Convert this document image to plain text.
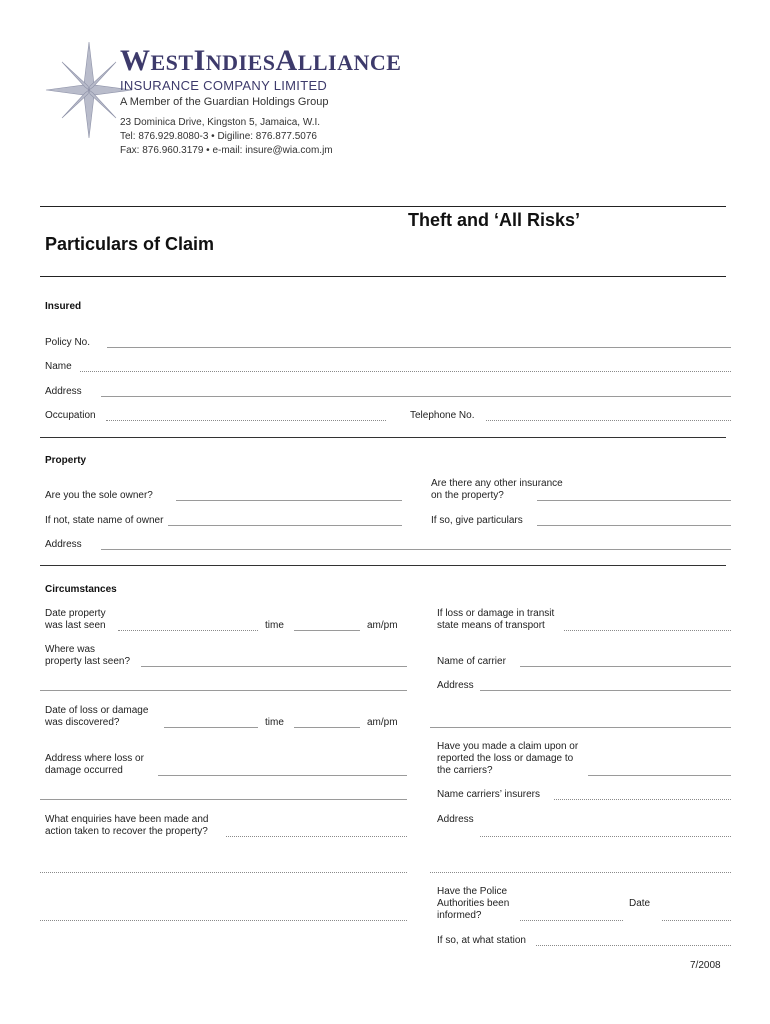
WESTINDIESALLIANCE
INSURANCE COMPANY LIMITED
A Member of the Guardian Holdings Group
23 Dominica Drive, Kingston 5, Jamaica, W.I.
Tel: 876.929.8080-3 • Digiline: 876.877.5076
Fax: 876.960.3179 • e-mail: insure@wia.com.jm
Theft and ‘All Risks’
Particulars of Claim
Insured
Policy No.
Name
Address
Occupation	Telephone No.
Property
Are you the sole owner?
Are there any other insurance
on the property?
If not, state name of owner	If so, give particulars
Address
Circumstances
Date property
was last seen	time	am/pm
If loss or damage in transit
state means of transport
Where was
property last seen?	Name of carrier
Address
Date of loss or damage
was discovered?	time	am/pm
Have you made a claim upon or
reported the loss or damage to
the carriers?
Address where loss or
damage occurred
Name carriers’ insurers
What enquiries have been made and
action taken to recover the property?
Address
Have the Police
Authorities been
informed?
Date
If so, at what station
7/2008
